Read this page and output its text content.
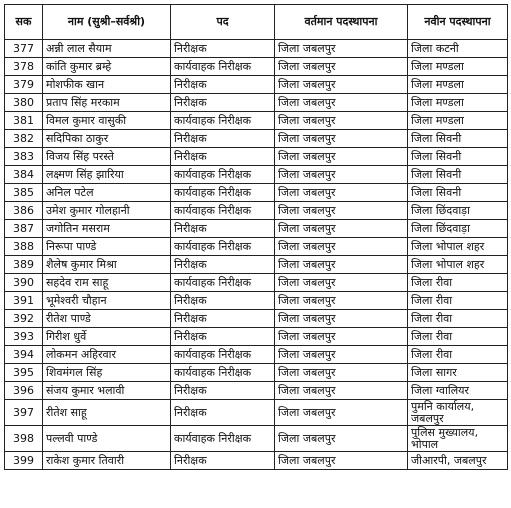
सक	नाम (सुश्री–सर्वश्री)	पद	वर्तमान पदस्थापना	नवीन पदस्थापना
377	अन्नी लाल सैयाम	निरीक्षक	जिला जबलपुर	जिला कटनी
378	कांति कुमार ब्रम्हे	कार्यवाहक निरीक्षक	जिला जबलपुर	जिला मण्डला
379	मोशफीक खान	निरीक्षक	जिला जबलपुर	जिला मण्डला
380	प्रताप सिंह मरकाम	निरीक्षक	जिला जबलपुर	जिला मण्डला
381	विमल कुमार वासुकी	कार्यवाहक निरीक्षक	जिला जबलपुर	जिला मण्डला
382	सदिपिका ठाकुर	निरीक्षक	जिला जबलपुर	जिला सिवनी
383	विजय सिंह परस्ते	निरीक्षक	जिला जबलपुर	जिला सिवनी
384	लक्ष्मण सिंह झारिया	कार्यवाहक निरीक्षक	जिला जबलपुर	जिला सिवनी
385	अनिल पटेल	कार्यवाहक निरीक्षक	जिला जबलपुर	जिला सिवनी
386	उमेश कुमार गोलहानी	कार्यवाहक निरीक्षक	जिला जबलपुर	जिला छिंदवाड़ा
387	जगोतिन मसराम	निरीक्षक	जिला जबलपुर	जिला छिंदवाड़ा
388	निरूपा पाण्डे	कार्यवाहक निरीक्षक	जिला जबलपुर	जिला भोपाल शहर
389	शैलेष कुमार मिश्रा	निरीक्षक	जिला जबलपुर	जिला भोपाल शहर
390	सहदेव राम साहू	कार्यवाहक निरीक्षक	जिला जबलपुर	जिला रीवा
391	भूमेश्वरी चौहान	निरीक्षक	जिला जबलपुर	जिला रीवा
392	रीतेश पाण्डे	निरीक्षक	जिला जबलपुर	जिला रीवा
393	गिरीश धुर्वे	निरीक्षक	जिला जबलपुर	जिला रीवा
394	लोकमन अहिरवार	कार्यवाहक निरीक्षक	जिला जबलपुर	जिला रीवा
395	शिवमंगल सिंह	कार्यवाहक निरीक्षक	जिला जबलपुर	जिला सागर
396	संजय कुमार भलावी	निरीक्षक	जिला जबलपुर	जिला ग्वालियर
397	रीतेश साहू	निरीक्षक	जिला जबलपुर	पुमनि कार्यालय, जबलपुर
398	पल्लवी पाण्डे	कार्यवाहक निरीक्षक	जिला जबलपुर	पुलिस मुख्यालय, भोपाल
399	राकेश कुमार तिवारी	निरीक्षक	जिला जबलपुर	जीआरपी, जबलपुर
